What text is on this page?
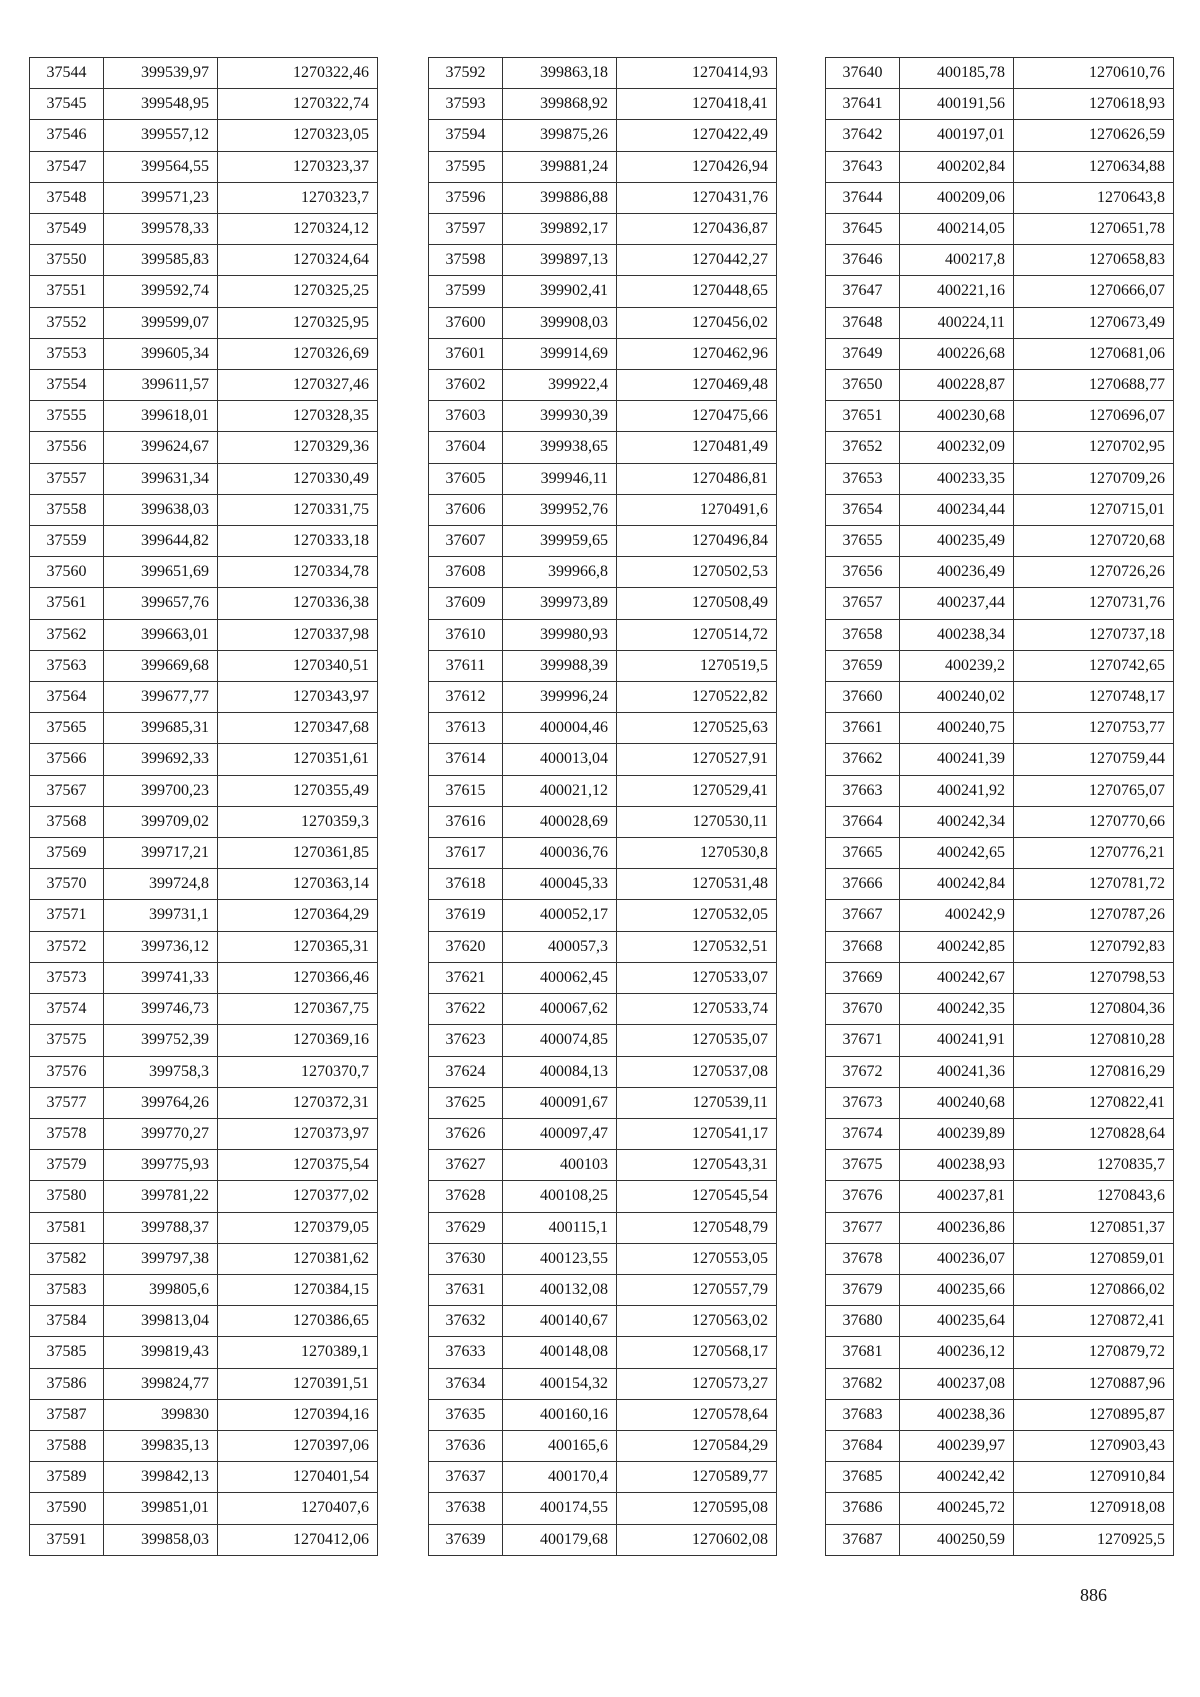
37544	399539,97	1270322,46
37545	399548,95	1270322,74
37546	399557,12	1270323,05
37547	399564,55	1270323,37
37548	399571,23	1270323,7
37549	399578,33	1270324,12
37550	399585,83	1270324,64
37551	399592,74	1270325,25
37552	399599,07	1270325,95
37553	399605,34	1270326,69
37554	399611,57	1270327,46
37555	399618,01	1270328,35
37556	399624,67	1270329,36
37557	399631,34	1270330,49
37558	399638,03	1270331,75
37559	399644,82	1270333,18
37560	399651,69	1270334,78
37561	399657,76	1270336,38
37562	399663,01	1270337,98
37563	399669,68	1270340,51
37564	399677,77	1270343,97
37565	399685,31	1270347,68
37566	399692,33	1270351,61
37567	399700,23	1270355,49
37568	399709,02	1270359,3
37569	399717,21	1270361,85
37570	399724,8	1270363,14
37571	399731,1	1270364,29
37572	399736,12	1270365,31
37573	399741,33	1270366,46
37574	399746,73	1270367,75
37575	399752,39	1270369,16
37576	399758,3	1270370,7
37577	399764,26	1270372,31
37578	399770,27	1270373,97
37579	399775,93	1270375,54
37580	399781,22	1270377,02
37581	399788,37	1270379,05
37582	399797,38	1270381,62
37583	399805,6	1270384,15
37584	399813,04	1270386,65
37585	399819,43	1270389,1
37586	399824,77	1270391,51
37587	399830	1270394,16
37588	399835,13	1270397,06
37589	399842,13	1270401,54
37590	399851,01	1270407,6
37591	399858,03	1270412,06
37592	399863,18	1270414,93
37593	399868,92	1270418,41
37594	399875,26	1270422,49
37595	399881,24	1270426,94
37596	399886,88	1270431,76
37597	399892,17	1270436,87
37598	399897,13	1270442,27
37599	399902,41	1270448,65
37600	399908,03	1270456,02
37601	399914,69	1270462,96
37602	399922,4	1270469,48
37603	399930,39	1270475,66
37604	399938,65	1270481,49
37605	399946,11	1270486,81
37606	399952,76	1270491,6
37607	399959,65	1270496,84
37608	399966,8	1270502,53
37609	399973,89	1270508,49
37610	399980,93	1270514,72
37611	399988,39	1270519,5
37612	399996,24	1270522,82
37613	400004,46	1270525,63
37614	400013,04	1270527,91
37615	400021,12	1270529,41
37616	400028,69	1270530,11
37617	400036,76	1270530,8
37618	400045,33	1270531,48
37619	400052,17	1270532,05
37620	400057,3	1270532,51
37621	400062,45	1270533,07
37622	400067,62	1270533,74
37623	400074,85	1270535,07
37624	400084,13	1270537,08
37625	400091,67	1270539,11
37626	400097,47	1270541,17
37627	400103	1270543,31
37628	400108,25	1270545,54
37629	400115,1	1270548,79
37630	400123,55	1270553,05
37631	400132,08	1270557,79
37632	400140,67	1270563,02
37633	400148,08	1270568,17
37634	400154,32	1270573,27
37635	400160,16	1270578,64
37636	400165,6	1270584,29
37637	400170,4	1270589,77
37638	400174,55	1270595,08
37639	400179,68	1270602,08
37640	400185,78	1270610,76
37641	400191,56	1270618,93
37642	400197,01	1270626,59
37643	400202,84	1270634,88
37644	400209,06	1270643,8
37645	400214,05	1270651,78
37646	400217,8	1270658,83
37647	400221,16	1270666,07
37648	400224,11	1270673,49
37649	400226,68	1270681,06
37650	400228,87	1270688,77
37651	400230,68	1270696,07
37652	400232,09	1270702,95
37653	400233,35	1270709,26
37654	400234,44	1270715,01
37655	400235,49	1270720,68
37656	400236,49	1270726,26
37657	400237,44	1270731,76
37658	400238,34	1270737,18
37659	400239,2	1270742,65
37660	400240,02	1270748,17
37661	400240,75	1270753,77
37662	400241,39	1270759,44
37663	400241,92	1270765,07
37664	400242,34	1270770,66
37665	400242,65	1270776,21
37666	400242,84	1270781,72
37667	400242,9	1270787,26
37668	400242,85	1270792,83
37669	400242,67	1270798,53
37670	400242,35	1270804,36
37671	400241,91	1270810,28
37672	400241,36	1270816,29
37673	400240,68	1270822,41
37674	400239,89	1270828,64
37675	400238,93	1270835,7
37676	400237,81	1270843,6
37677	400236,86	1270851,37
37678	400236,07	1270859,01
37679	400235,66	1270866,02
37680	400235,64	1270872,41
37681	400236,12	1270879,72
37682	400237,08	1270887,96
37683	400238,36	1270895,87
37684	400239,97	1270903,43
37685	400242,42	1270910,84
37686	400245,72	1270918,08
37687	400250,59	1270925,5
886
